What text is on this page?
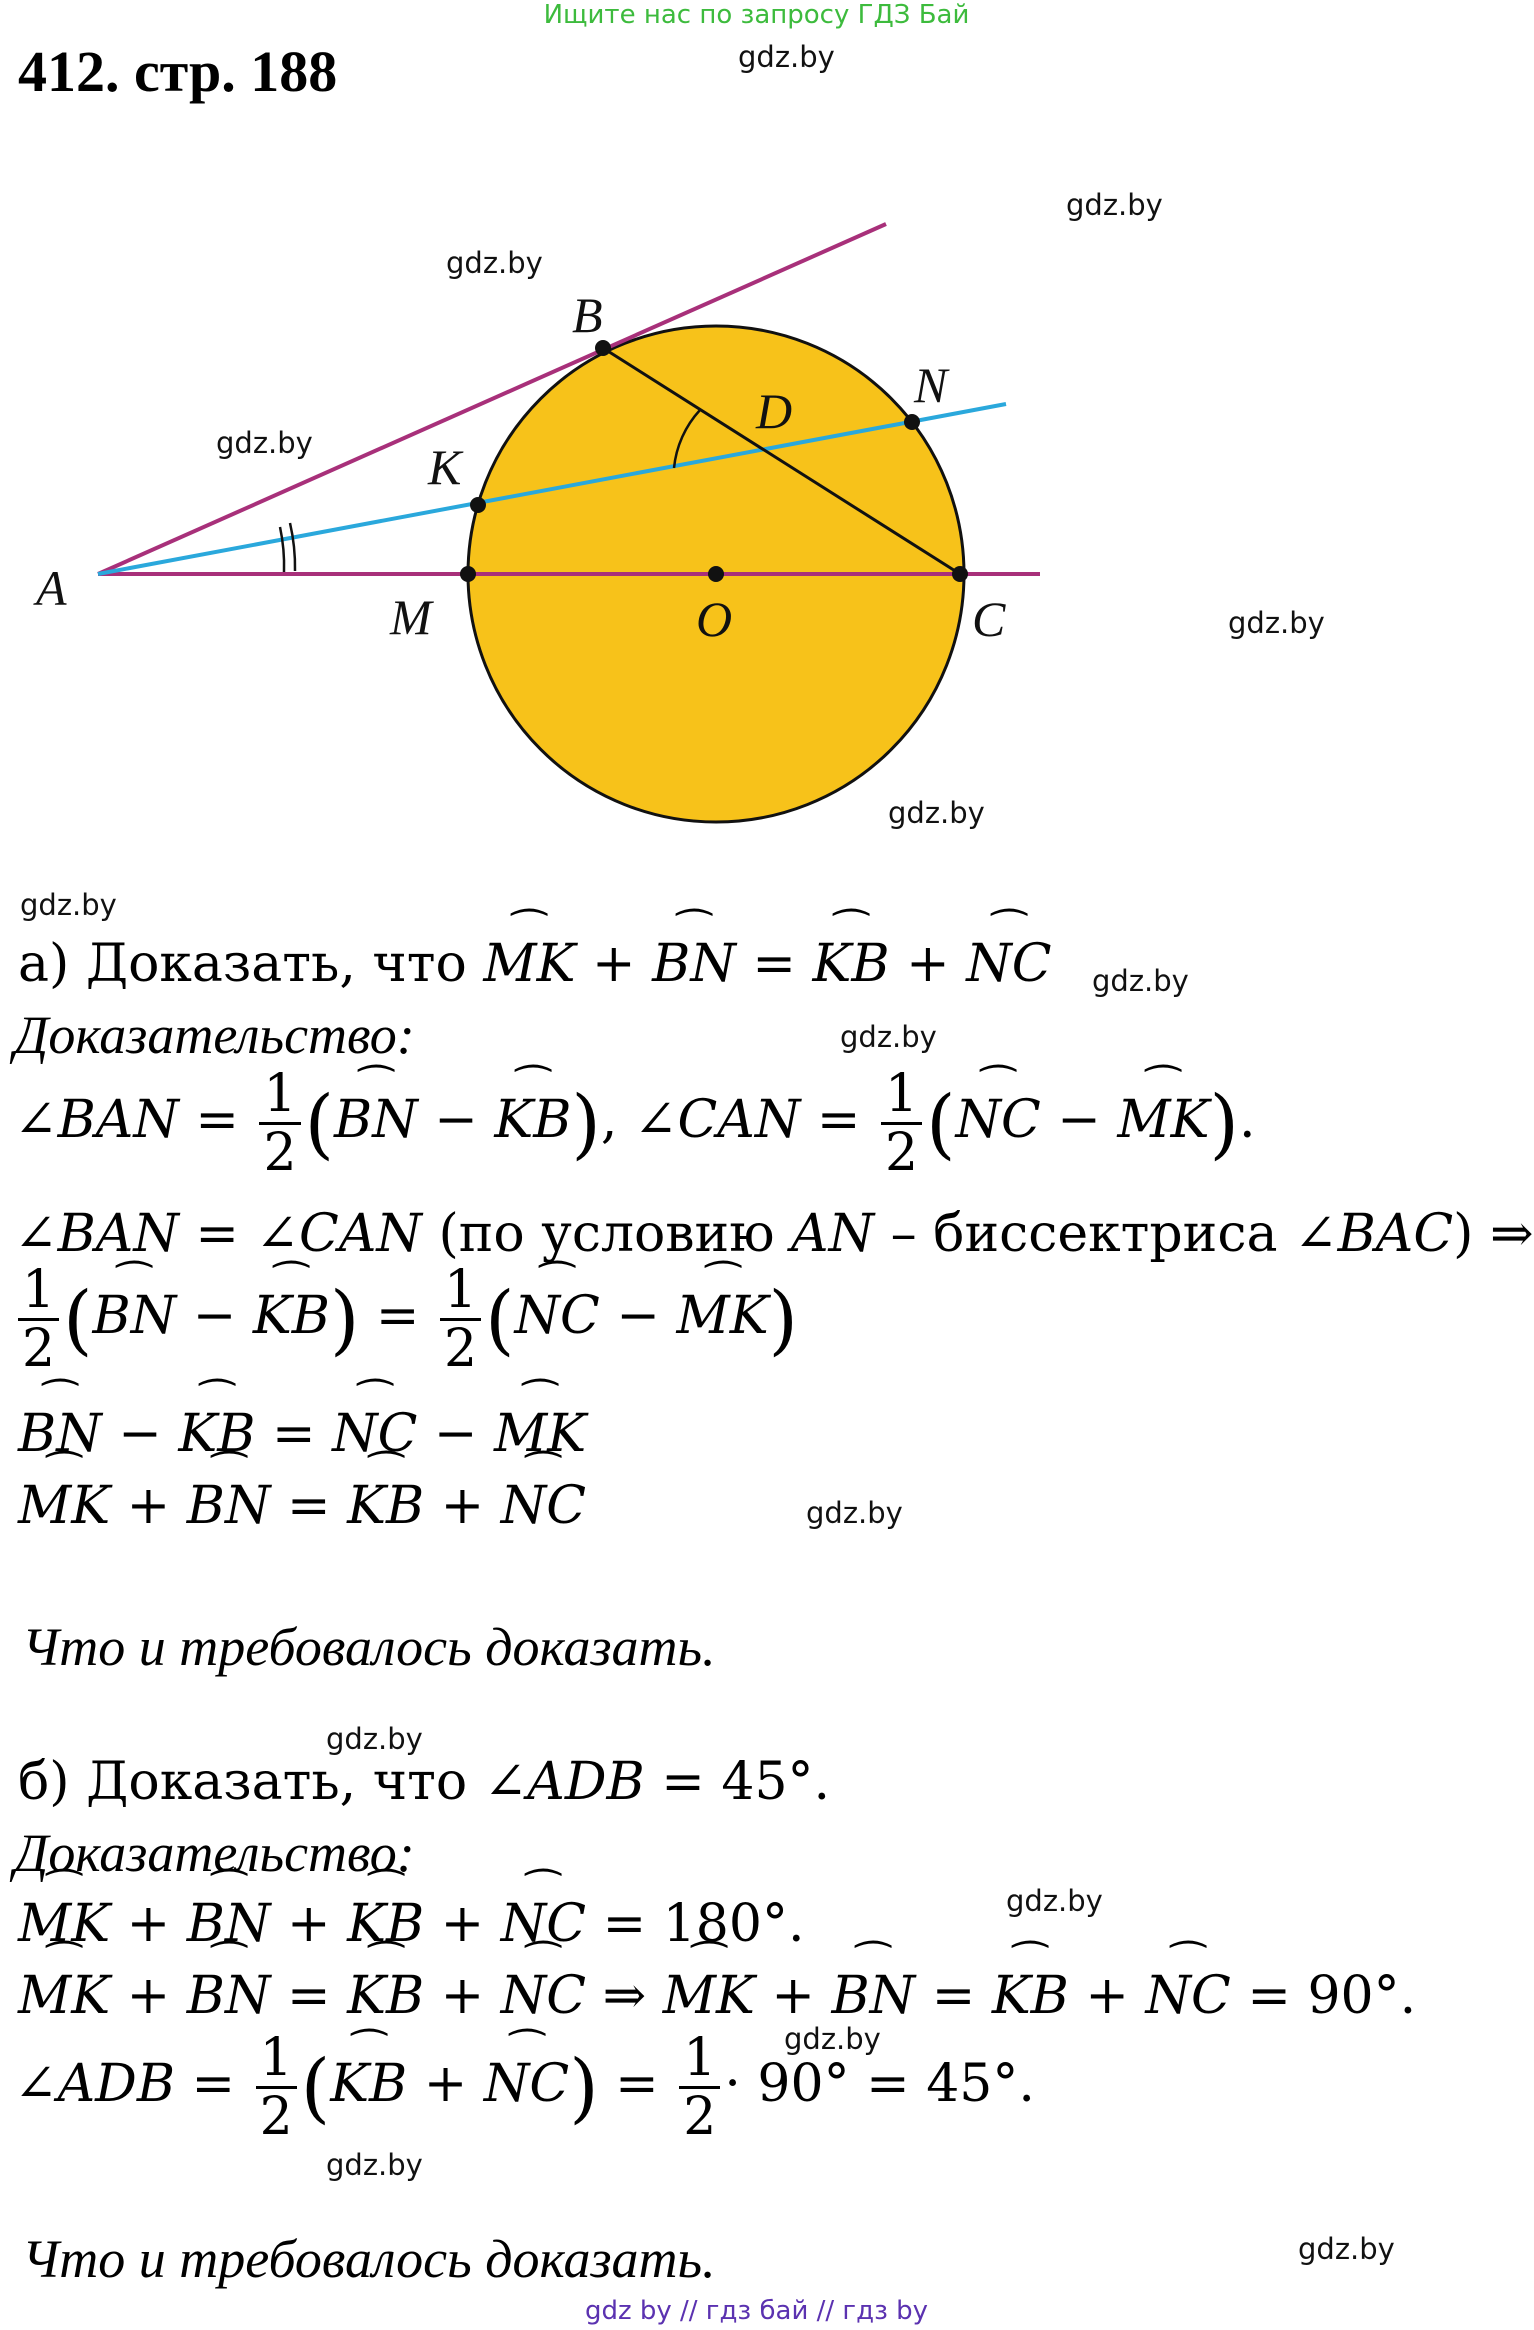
Ищите нас по запросу ГДЗ Бай
412. стр. 188	gdz.by
gdz.by
gdz.by
gdz.by
gdz.by
gdz.by
gdz.by
gdz.by
gdz.by
gdz.by
gdz.by
gdz.by
gdz.by
gdz.by
gdz.by
A
B
K
D N
M	O	C
а) Доказать, что ‿ MK + ‿ BN = ‿ KB + ‿ NC
Доказательство:
∠BAN = $\frac{1}{2}$ (‿ BN − ‿ KB), ∠CAN = $\frac{1}{2}$ (‿ NC − ‿ MK).
∠BAN = ∠CAN (по условию AN – биссектриса ∠BAC) ⇒
$\frac{1}{2}$ (‿ BN − ‿ $KB) = \frac{1}{2}$ (‿ NC − ‿ MK)
‿ BN − ‿ KB = ‿ NC − ‿ MK
‿ MK + ‿ BN = ‿ KB + ‿ NC
Что и требовалось доказать.
б) Доказать, что ∠ADB = 45°.
Доказательство:
‿ MK + ‿ BN + ‿ KB + ‿ NC = 180°.
‿ MK + ‿ BN = ‿ KB + ‿ NC ⇒ ‿ MK + ‿ BN = ‿ KB + ‿ NC = 90°.
∠ADB = $\frac{1}{2}$ (‿ KB + ‿ $NC) = \frac{1}{2} \cdot 90^\circ = 45^\circ$.
Что и требовалось доказать.
gdz by // гдз бай // гдз by
